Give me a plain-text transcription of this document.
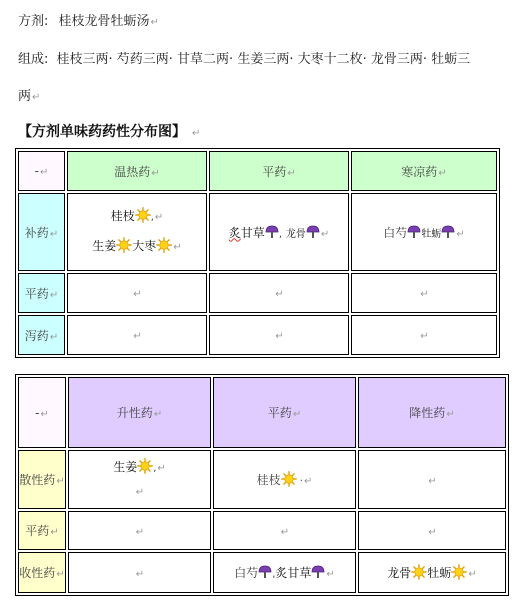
方剂: 桂枝龙骨牡蛎汤↵
组成: 桂枝三两· 芍药三两· 甘草二两· 生姜三两· 大枣十二枚· 龙骨三两· 牡蛎三
两↵
【方剂单味药药性分布图】 ↵
-↵	温热药↵	平药↵	寒凉药↵
补药↵	桂枝 ,↵
生姜 大枣 ↵	炙甘草 , 龙骨 ↵	白芍 牡蛎 ↵
平药↵	↵	↵	↵
泻药↵	↵	↵	↵
-↵	升性药↵	平药↵	降性药↵
散性药↵	生姜 ,↵
↵	桂枝 ·↵	↵
平药↵	↵	↵	↵
收性药↵	↵	白芍 ,炙甘草 ↵	龙骨 牡蛎 ↵
